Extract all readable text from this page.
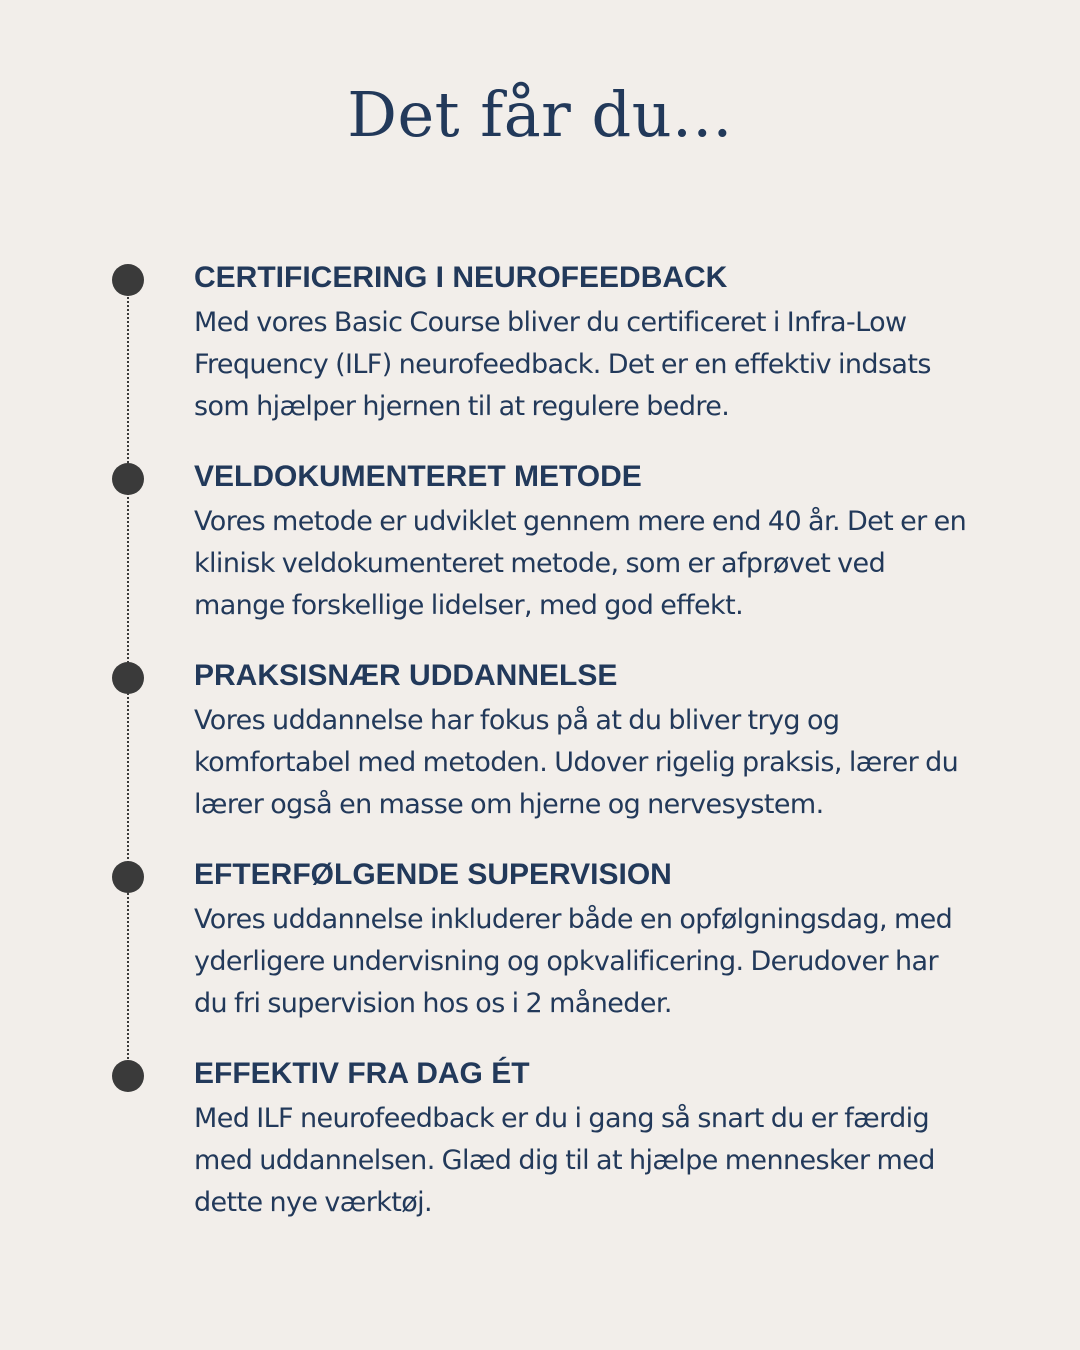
Det får du...
CERTIFICERING I NEUROFEEDBACK
Med vores Basic Course bliver du certificeret i Infra-Low Frequency (ILF) neurofeedback. Det er en effektiv indsats som hjælper hjernen til at regulere bedre.
VELDOKUMENTERET METODE
Vores metode er udviklet gennem mere end 40 år. Det er en klinisk veldokumenteret metode, som er afprøvet ved mange forskellige lidelser, med god effekt.
PRAKSISNÆR UDDANNELSE
Vores uddannelse har fokus på at du bliver tryg og komfortabel med metoden. Udover rigelig praksis, lærer du lærer også en masse om hjerne og nervesystem.
EFTERFØLGENDE SUPERVISION
Vores uddannelse inkluderer både en opfølgningsdag, med yderligere undervisning og opkvalificering. Derudover har du fri supervision hos os i 2 måneder.
EFFEKTIV FRA DAG ÉT
Med ILF neurofeedback er du i gang så snart du er færdig med uddannelsen. Glæd dig til at hjælpe mennesker med dette nye værktøj.
